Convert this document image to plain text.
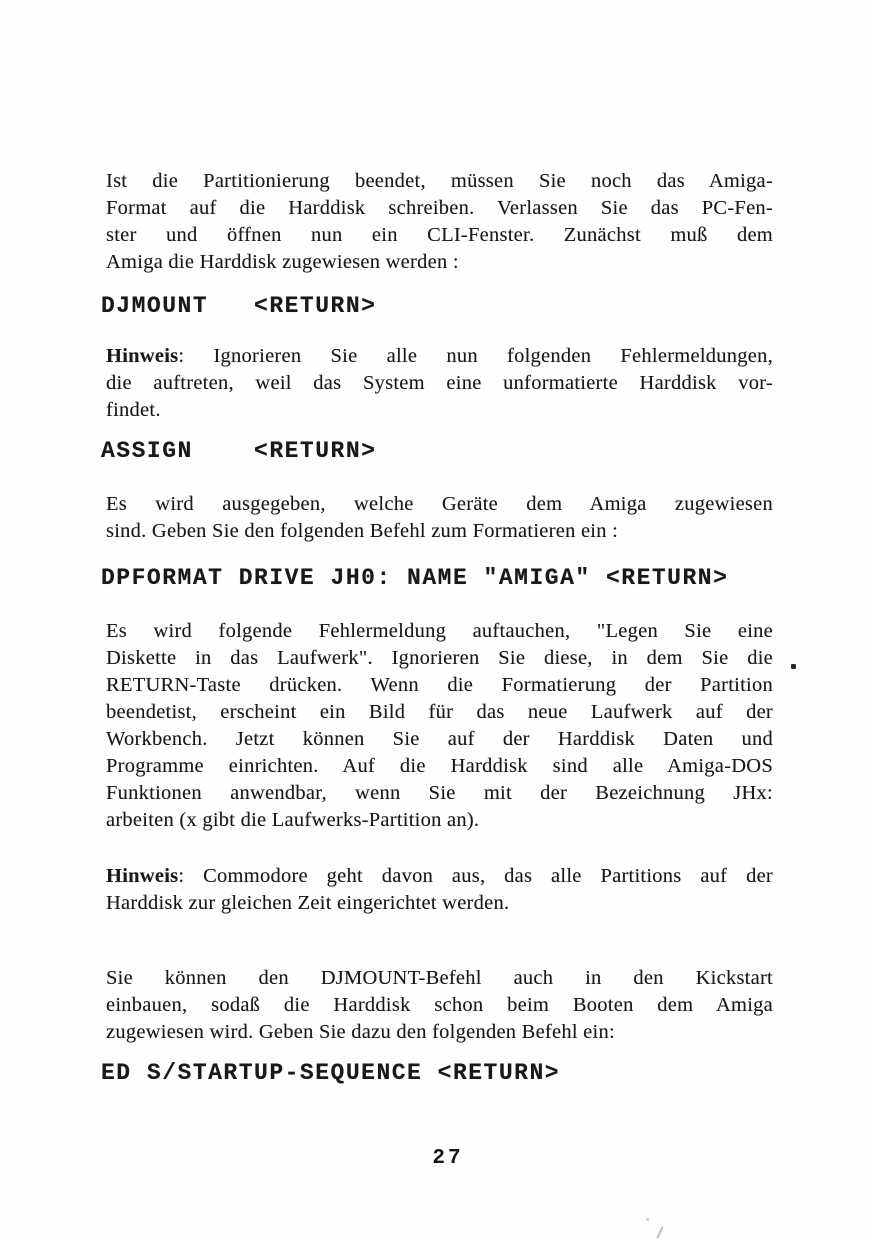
Ist die Partitionierung beendet, müssen Sie noch das Amiga-
Format auf die Harddisk schreiben. Verlassen Sie das PC-Fen-
ster und öffnen nun ein CLI-Fenster. Zunächst muß dem
Amiga die Harddisk zugewiesen werden :
DJMOUNT   <RETURN>
Hinweis: Ignorieren Sie alle nun folgenden Fehlermeldungen,
die auftreten, weil das System eine unformatierte Harddisk vor-
findet.
ASSIGN    <RETURN>
Es wird ausgegeben, welche Geräte dem Amiga zugewiesen
sind. Geben Sie den folgenden Befehl zum Formatieren ein :
DPFORMAT DRIVE JH0: NAME "AMIGA" <RETURN>
Es wird folgende Fehlermeldung auftauchen, "Legen Sie eine
Diskette in das Laufwerk". Ignorieren Sie diese, in dem Sie die
RETURN-Taste drücken. Wenn die Formatierung der Partition
beendetist, erscheint ein Bild für das neue Laufwerk auf der
Workbench. Jetzt können Sie auf der Harddisk Daten und
Programme einrichten. Auf die Harddisk sind alle Amiga-DOS
Funktionen anwendbar, wenn Sie mit der Bezeichnung JHx:
arbeiten (x gibt die Laufwerks-Partition an).
Hinweis: Commodore geht davon aus, das alle Partitions auf der
Harddisk zur gleichen Zeit eingerichtet werden.
Sie können den DJMOUNT-Befehl auch in den Kickstart
einbauen, sodaß die Harddisk schon beim Booten dem Amiga
zugewiesen wird. Geben Sie dazu den folgenden Befehl ein:
ED S/STARTUP-SEQUENCE <RETURN>
27
